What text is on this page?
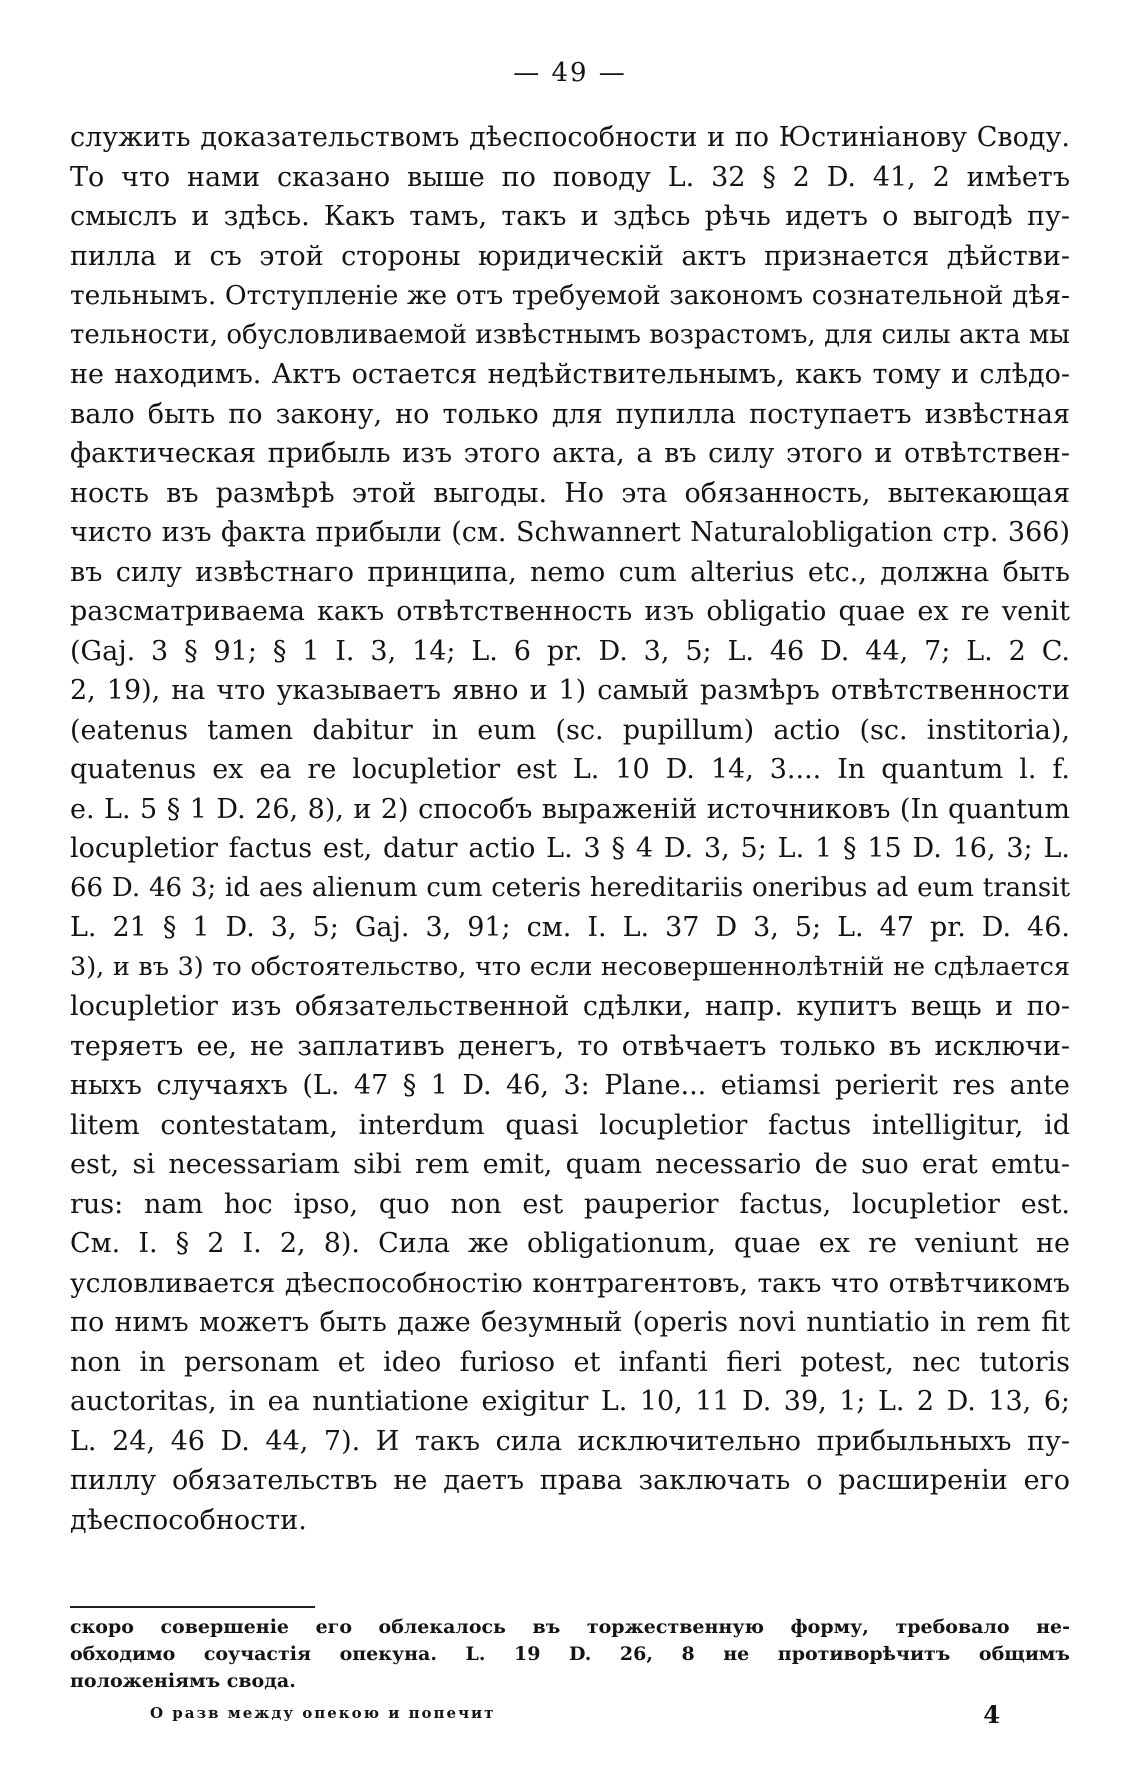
— 49 —
служить доказательствомъ дѣеспособности и по Юстиніанову Своду.
То что нами сказано выше по поводу L. 32 § 2 D. 41, 2 имѣетъ
смыслъ и здѣсь. Какъ тамъ, такъ и здѣсь рѣчь идетъ о выгодѣ пу-
пилла и съ этой стороны юридическій актъ признается дѣйстви-
тельнымъ. Отступленіе же отъ требуемой закономъ сознательной дѣя-
тельности, обусловливаемой извѣстнымъ возрастомъ, для силы акта мы
не находимъ. Актъ остается недѣйствительнымъ, какъ тому и слѣдо-
вало быть по закону, но только для пупилла поступаетъ извѣстная
фактическая прибыль изъ этого акта, а въ силу этого и отвѣтствен-
ность въ размѣрѣ этой выгоды. Но эта обязанность, вытекающая
чисто изъ факта прибыли (см. Schwannert Naturalobligation стр. 366)
въ силу извѣстнаго принципа, nemo cum alterius etc., должна быть
разсматриваема какъ отвѣтственность изъ obligatio quae ex re venit
(Gaj. 3 § 91; § 1 I. 3, 14; L. 6 pr. D. 3, 5; L. 46 D. 44, 7; L. 2 C.
2, 19), на что указываетъ явно и 1) самый размѣръ отвѣтственности
(eatenus tamen dabitur in eum (sc. pupillum) actio (sc. institoria),
quatenus ex ea re locupletior est L. 10 D. 14, 3.... In quantum l. f.
e. L. 5 § 1 D. 26, 8), и 2) способъ выраженій источниковъ (In quantum
locupletior factus est, datur actio L. 3 § 4 D. 3, 5; L. 1 § 15 D. 16, 3; L.
66 D. 46 3; id aes alienum cum ceteris hereditariis oneribus ad eum transit
L. 21 § 1 D. 3, 5; Gaj. 3, 91; см. I. L. 37 D 3, 5; L. 47 pr. D. 46.
3), и въ 3) то обстоятельство, что если несовершеннолѣтній не сдѣлается
locupletior изъ обязательственной сдѣлки, напр. купитъ вещь и по-
теряетъ ее, не заплативъ денегъ, то отвѣчаетъ только въ исключи-
ныхъ случаяхъ (L. 47 § 1 D. 46, 3: Plane... etiamsi perierit res ante
litem contestatam, interdum quasi locupletior factus intelligitur, id
est, si necessariam sibi rem emit, quam necessario de suo erat emtu-
rus: nam hoc ipso, quo non est pauperior factus, locupletior est.
См. I. § 2 I. 2, 8). Сила же obligationum, quae ex re veniunt не
условливается дѣеспособностію контрагентовъ, такъ что отвѣтчикомъ
по нимъ можетъ быть даже безумный (operis novi nuntiatio in rem fit
non in personam et ideo furioso et infanti fieri potest, nec tutoris
auctoritas, in ea nuntiatione exigitur L. 10, 11 D. 39, 1; L. 2 D. 13, 6;
L. 24, 46 D. 44, 7). И такъ сила исключительно прибыльныхъ пу-
пиллу обязательствъ не даетъ права заключать о расширеніи его
дѣеспособности.
скоро совершеніе его облекалось въ торжественную форму, требовало не-
обходимо соучастія опекуна. L. 19 D. 26, 8 не противорѣчитъ общимъ
положеніямъ свода.
О разв между опекою и попечит	4
